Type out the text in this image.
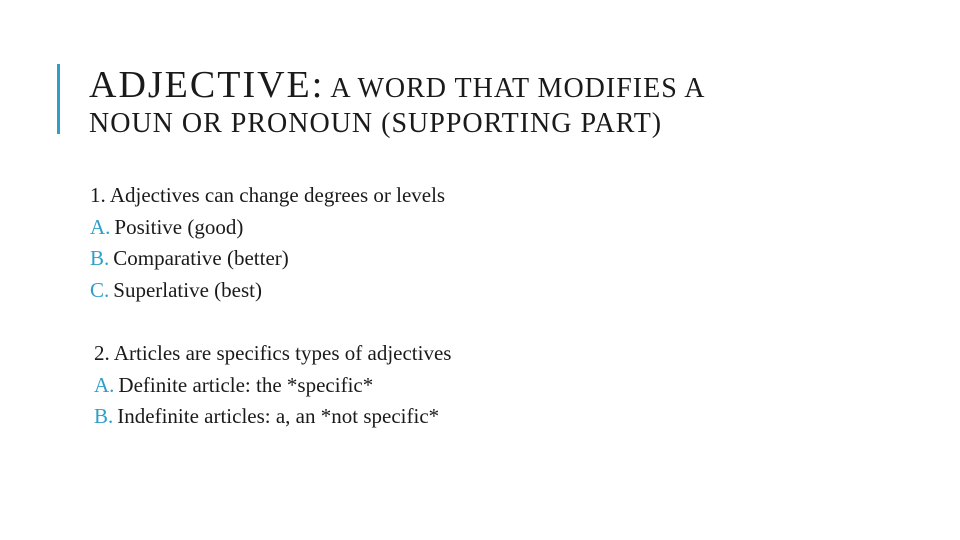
ADJECTIVE: A WORD THAT MODIFIES A
NOUN OR PRONOUN (SUPPORTING PART)
1. Adjectives can change degrees or levels
A. Positive (good)
B. Comparative (better)
C. Superlative (best)
2. Articles are specifics types of adjectives
A. Definite article: the *specific*
B. Indefinite articles: a, an *not specific*
